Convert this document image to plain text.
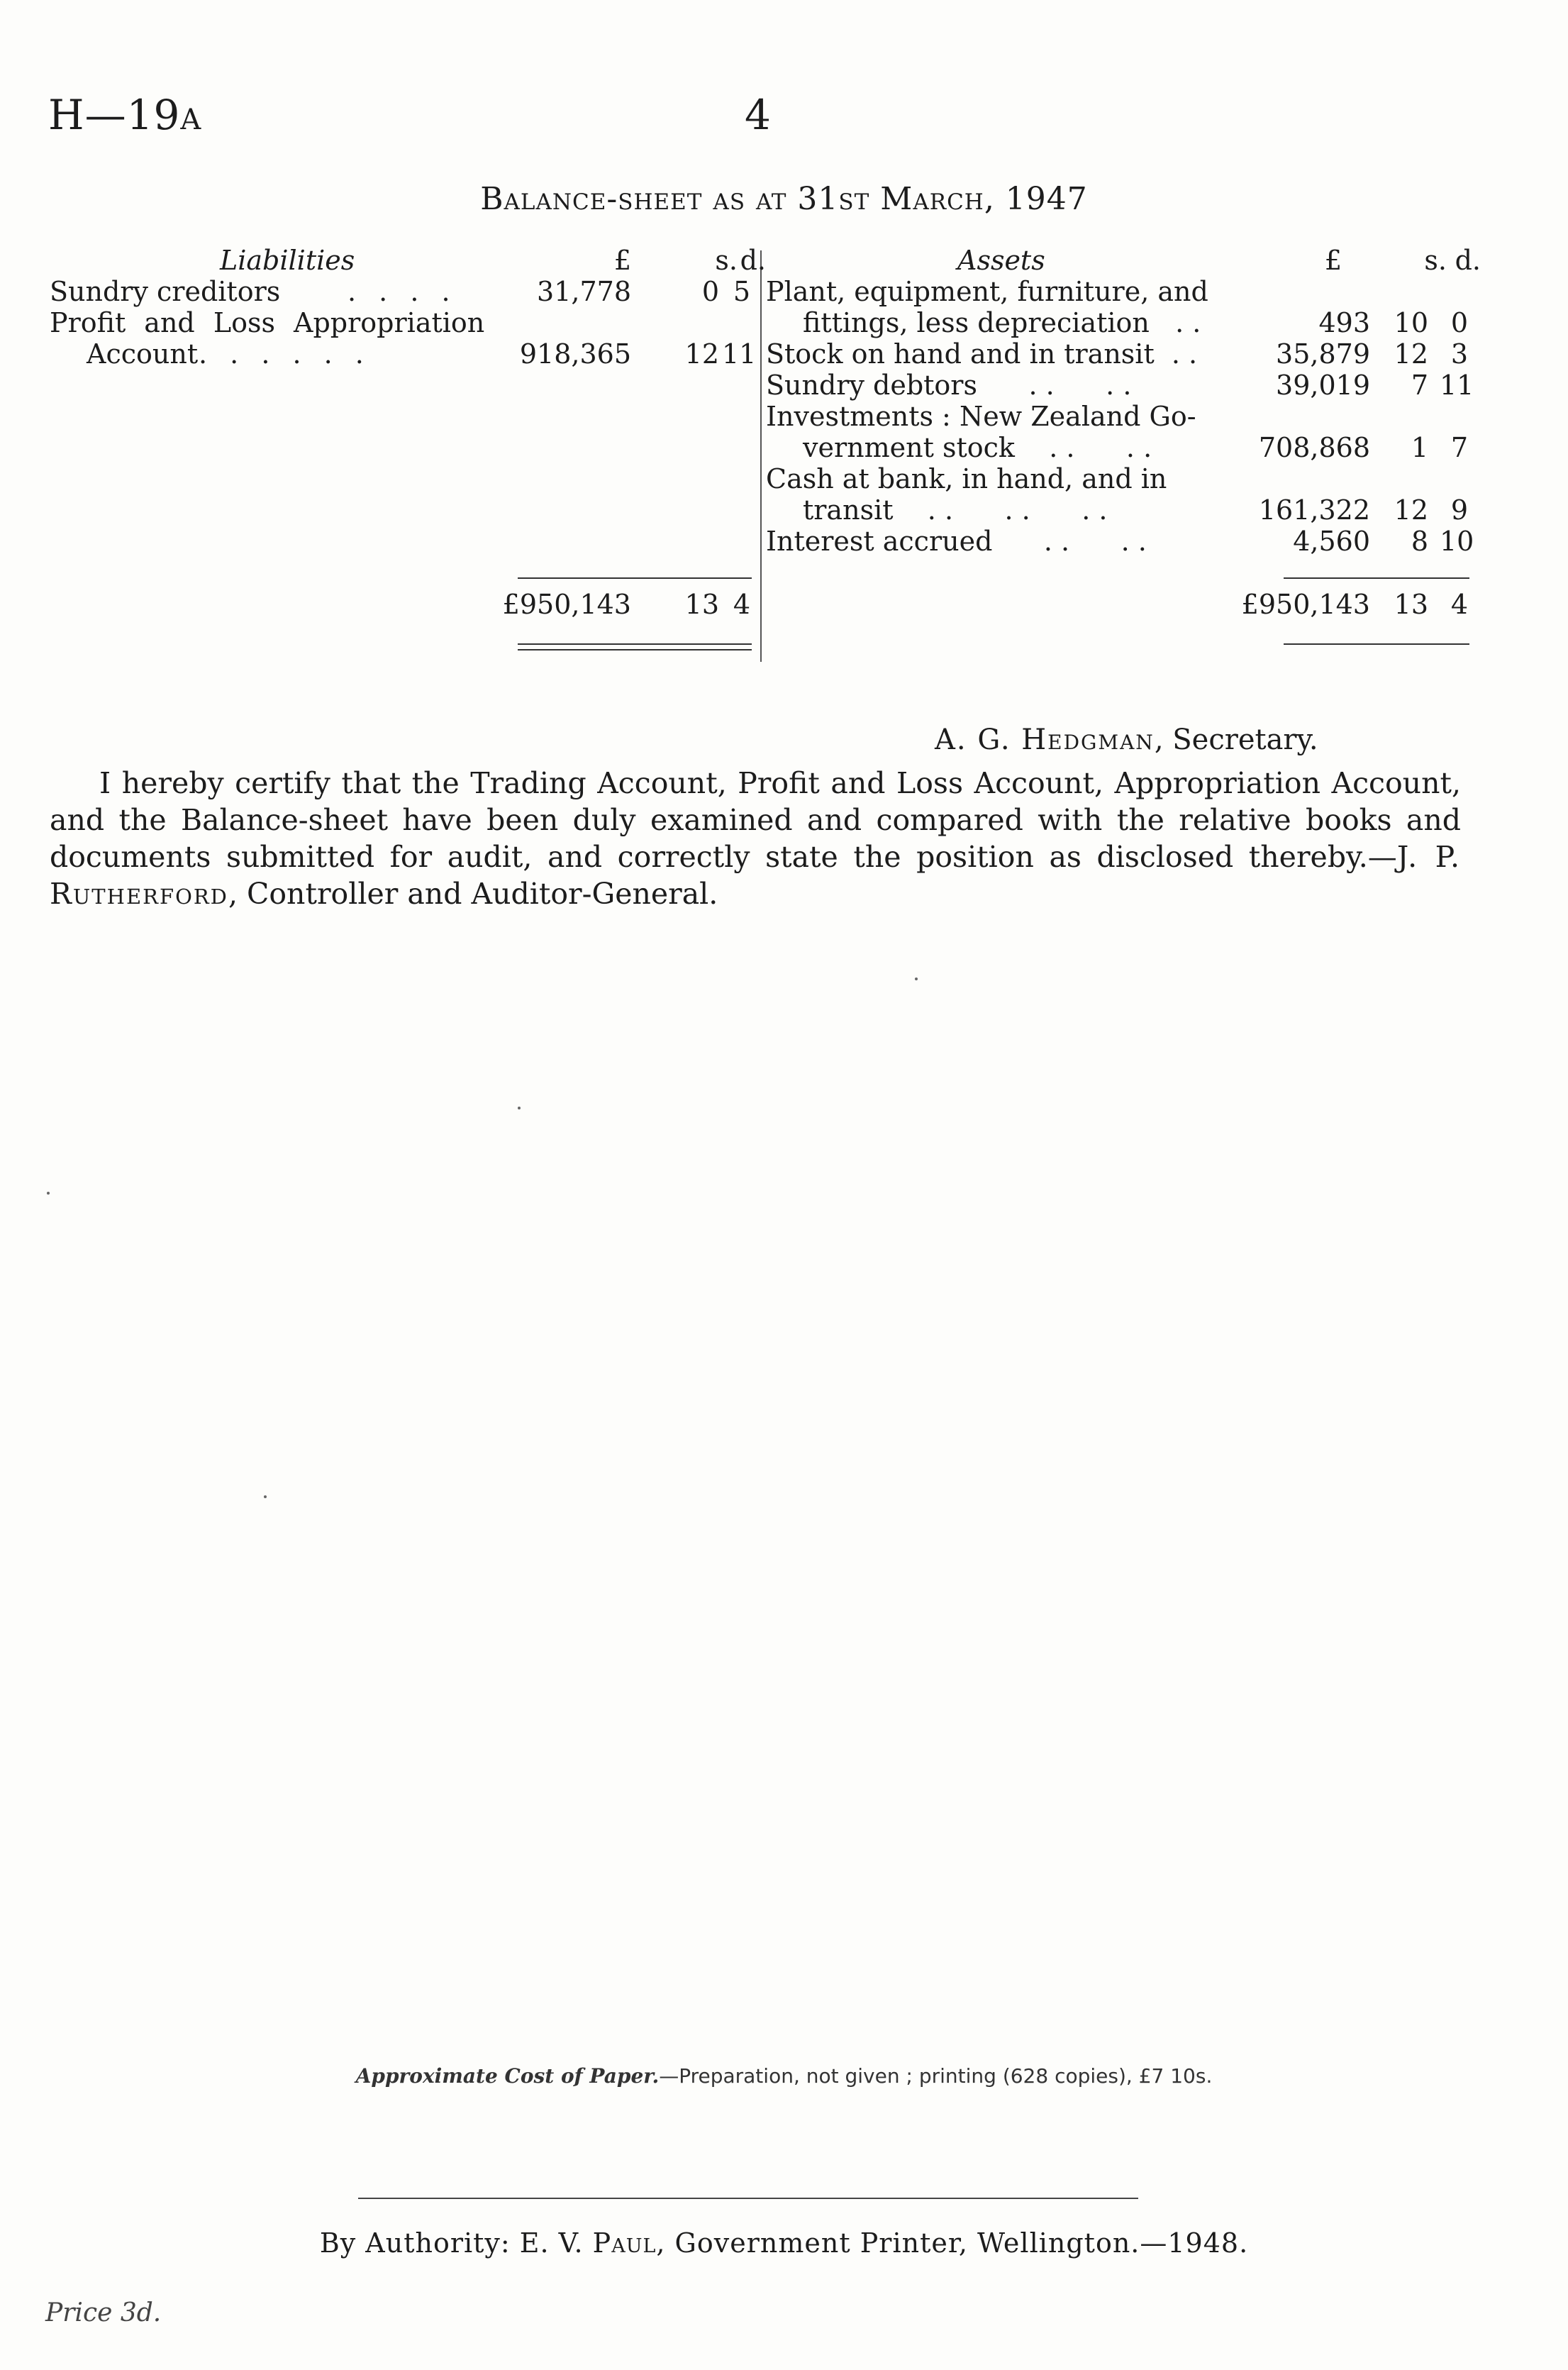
H—19A	4
Balance-sheet as at 31st March, 1947
Liabilities	£	s. d.
Sundry creditors . . . .	31,778	0 5
Profit and Loss Appropriation
Account . . . . . .	918,365	12 11
£950,143	13 4
Assets	£	s. d.
Plant, equipment, furniture, and
fittings, less depreciation   . .	493 10 0
Stock on hand and in transit  . .	35,879 12 3
Sundry debtors      . .      . .	39,019	7 11
Investments : New Zealand Go-
vernment stock    . .      . .	708,868	1 7
Cash at bank, in hand, and in
transit    . .      . .      . .	161,322 12 9
Interest accrued      . .      . .	4,560	8 10
£950,143 13 4
A. G. Hedgman, Secretary.
I hereby certify that the Trading Account, Profit and Loss Account, Appropriation Account, and the Balance-sheet have been duly examined and compared with the relative books and documents submitted for audit, and correctly state the position as disclosed thereby.—J. P. Rutherford, Controller and Auditor-General.
Approximate Cost of Paper.—Preparation, not given ; printing (628 copies), £7 10s.
By Authority: E. V. Paul, Government Printer, Wellington.—1948.
Price 3d.
